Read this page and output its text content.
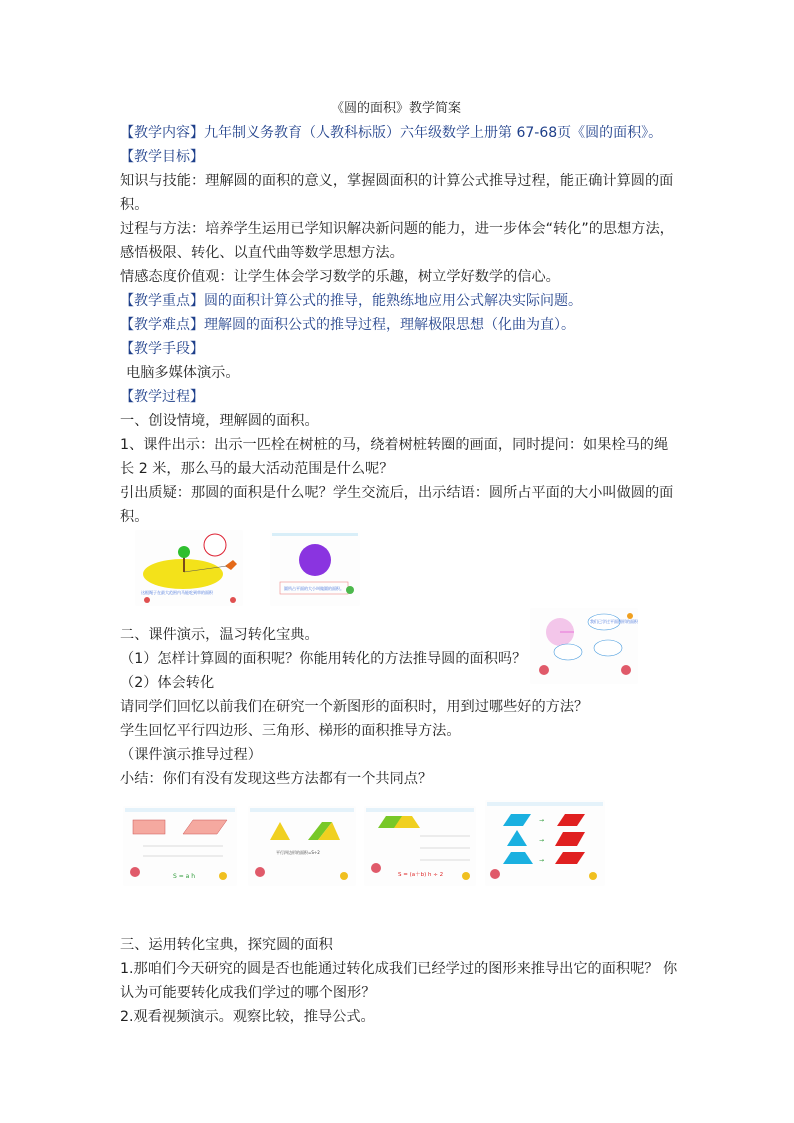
《圆的面积》教学简案
【教学内容】九年制义务教育（人教科标版）六年级数学上册第 67-68页《圆的面积》。
【教学目标】
知识与技能：理解圆的面积的意义，掌握圆面积的计算公式推导过程，能正确计算圆的面
积。
过程与方法：培养学生运用已学知识解决新问题的能力，进一步体会“转化”的思想方法，
感悟极限、转化、以直代曲等数学思想方法。
情感态度价值观：让学生体会学习数学的乐趣，树立学好数学的信心。
【教学重点】圆的面积计算公式的推导，能熟练地应用公式解决实际问题。
【教学难点】理解圆的面积公式的推导过程，理解极限思想（化曲为直）。
【教学手段】
电脑多媒体演示。
【教学过程】
一、创设情境，理解圆的面积。
1、课件出示：出示一匹栓在树桩的马，绕着树桩转圈的画面，同时提问：如果栓马的绳
长 2 米，那么马的最大活动范围是什么呢？
引出质疑：那圆的面积是什么呢？学生交流后，出示结语：圆所占平面的大小叫做圆的面
积。
这根绳子在最大范围内马能吃到草的面积
圆所占平面的大小叫做圆的面积。
我们已学过平面图形的面积
二、课件演示，温习转化宝典。
（1）怎样计算圆的面积呢？你能用转化的方法推导圆的面积吗？
（2）体会转化
请同学们回忆以前我们在研究一个新图形的面积时，用到过哪些好的方法？
学生回忆平行四边形、三角形、梯形的面积推导方法。
（课件演示推导过程）
小结：你们有没有发现这些方法都有一个共同点？
S = a h
平行四边形的面积=S÷2
S = (a＋b) h ÷ 2
→
→
→
三、运用转化宝典，探究圆的面积
1.那咱们今天研究的圆是否也能通过转化成我们已经学过的图形来推导出它的面积呢？ 你
认为可能要转化成我们学过的哪个图形？
2.观看视频演示。观察比较，推导公式。
